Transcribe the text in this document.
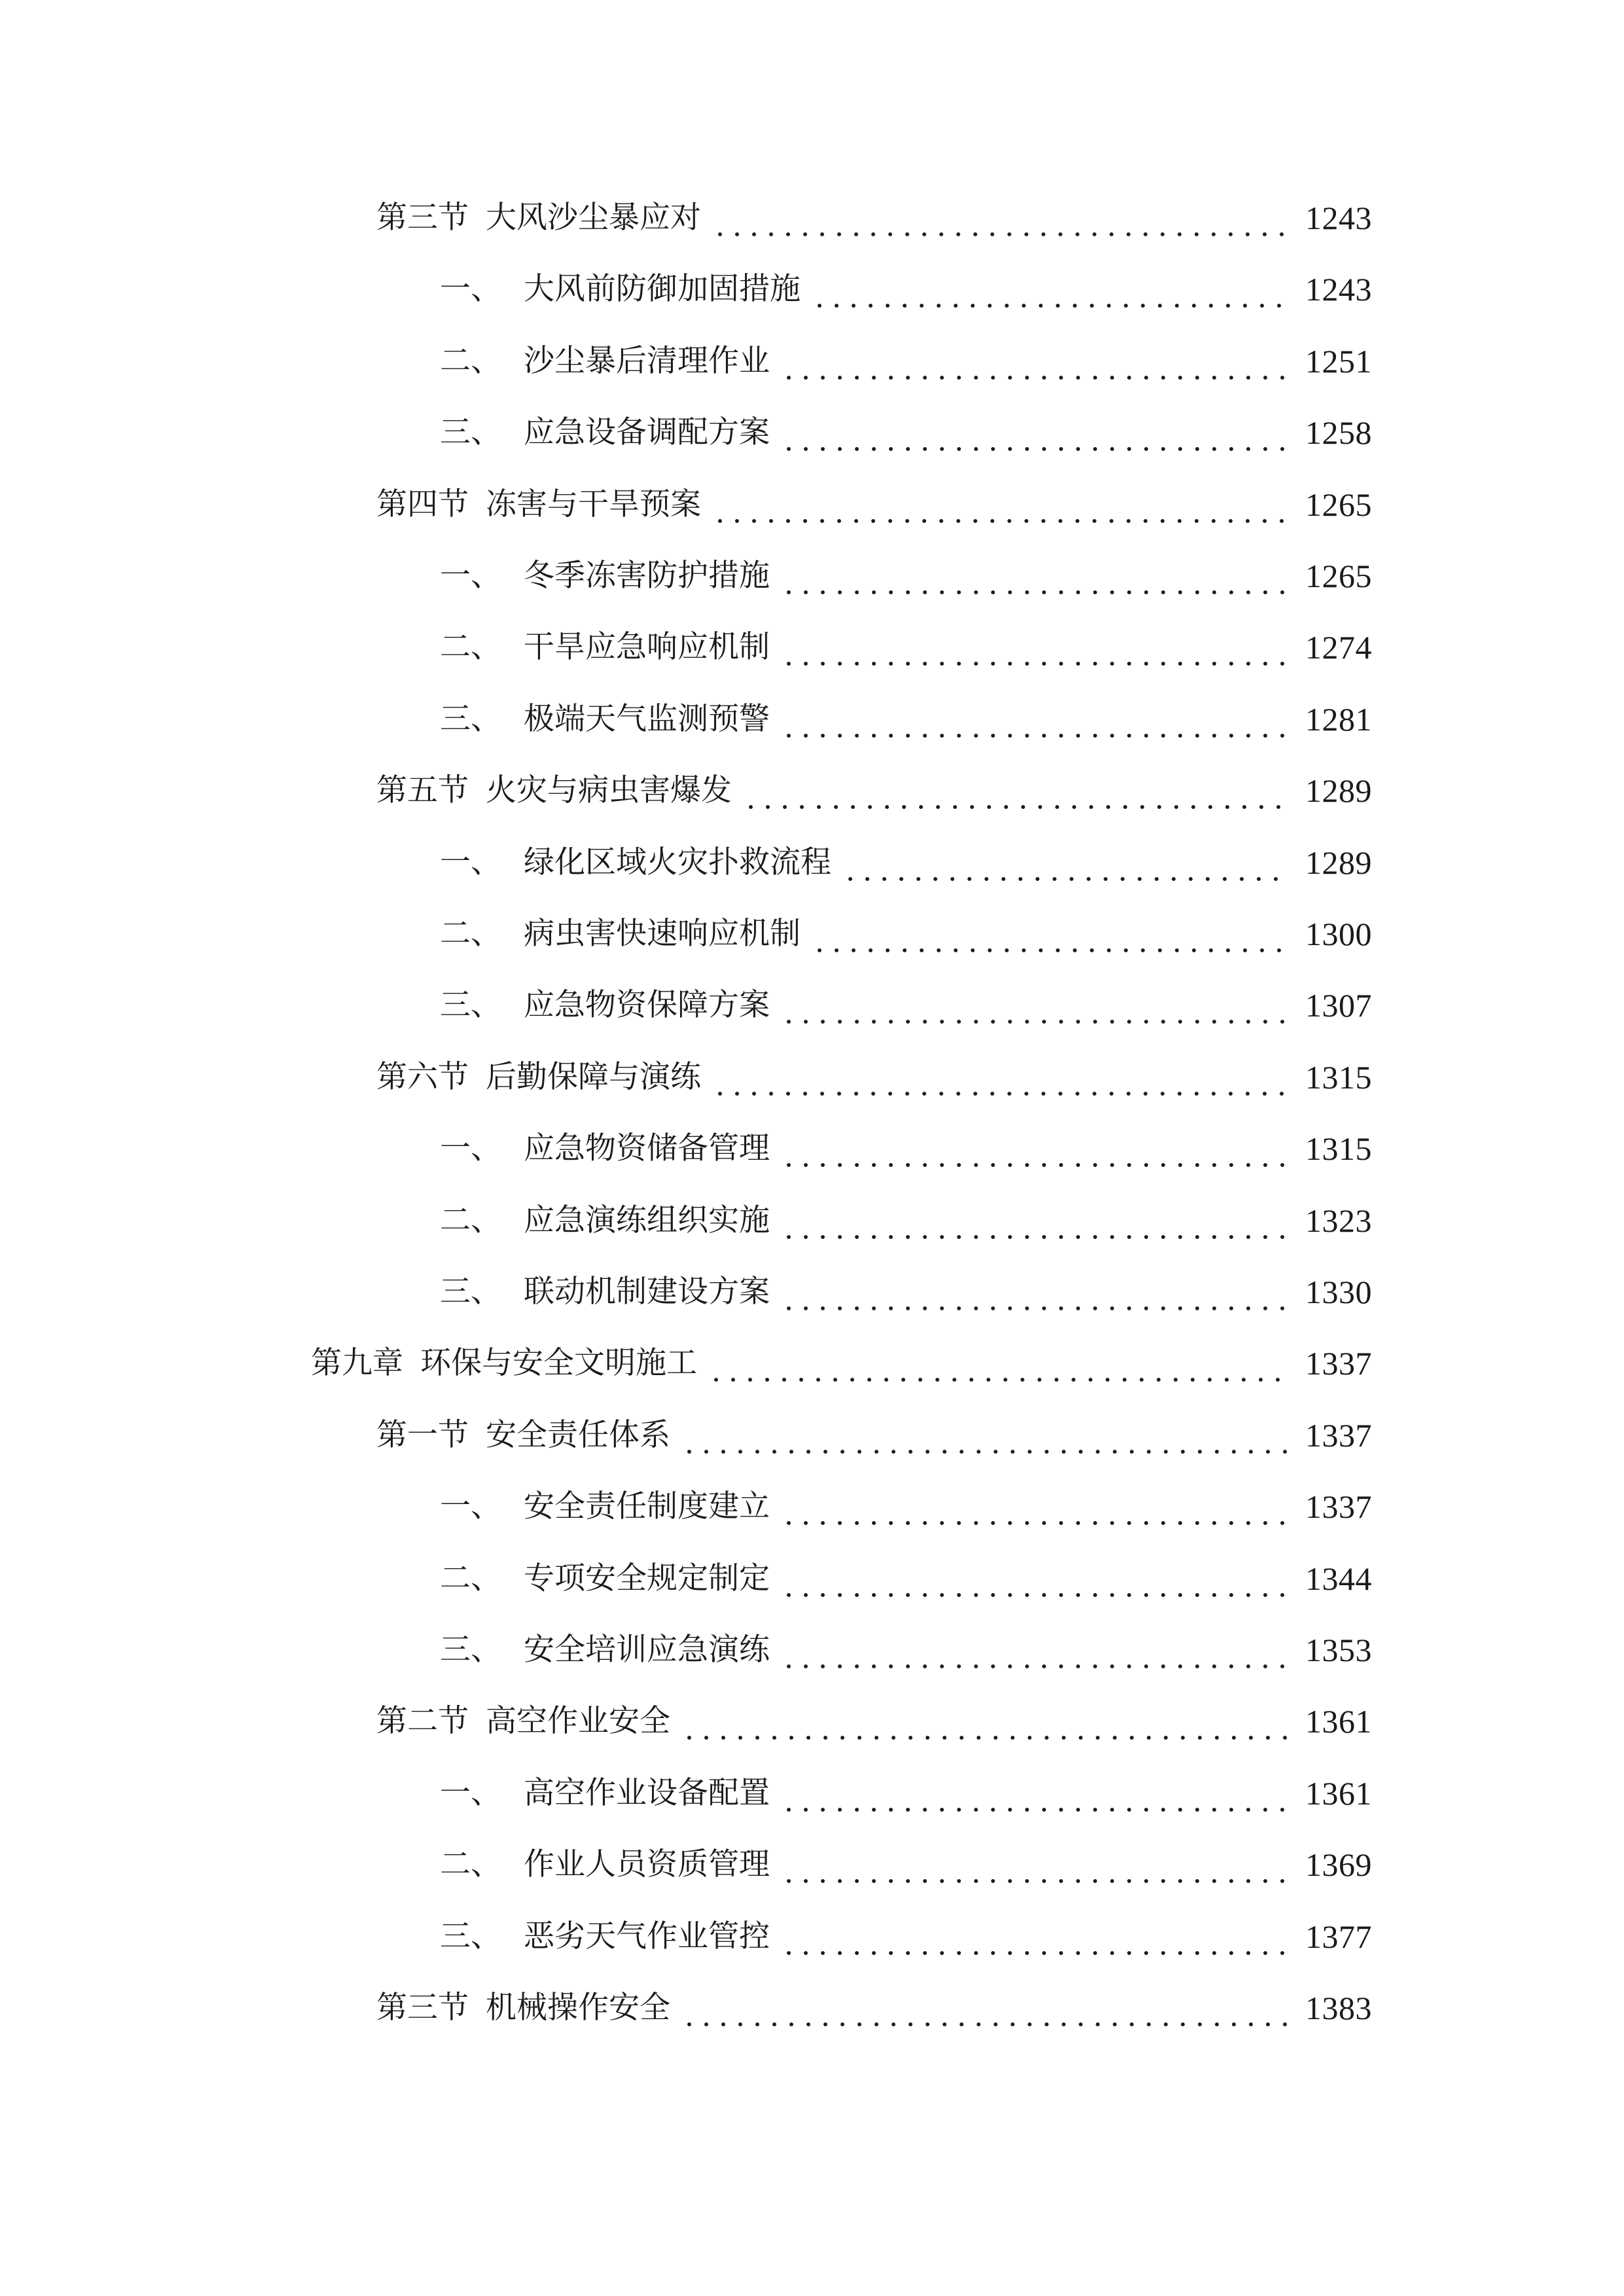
第三节 大风沙尘暴应对	1243
一、 大风前防御加固措施	1243
二、 沙尘暴后清理作业	1251
三、 应急设备调配方案	1258
第四节 冻害与干旱预案	1265
一、 冬季冻害防护措施	1265
二、 干旱应急响应机制	1274
三、 极端天气监测预警	1281
第五节 火灾与病虫害爆发	1289
一、 绿化区域火灾扑救流程	1289
二、 病虫害快速响应机制	1300
三、 应急物资保障方案	1307
第六节 后勤保障与演练	1315
一、 应急物资储备管理	1315
二、 应急演练组织实施	1323
三、 联动机制建设方案	1330
第九章 环保与安全文明施工	1337
第一节 安全责任体系	1337
一、 安全责任制度建立	1337
二、 专项安全规定制定	1344
三、 安全培训应急演练	1353
第二节 高空作业安全	1361
一、 高空作业设备配置	1361
二、 作业人员资质管理	1369
三、 恶劣天气作业管控	1377
第三节 机械操作安全	1383
